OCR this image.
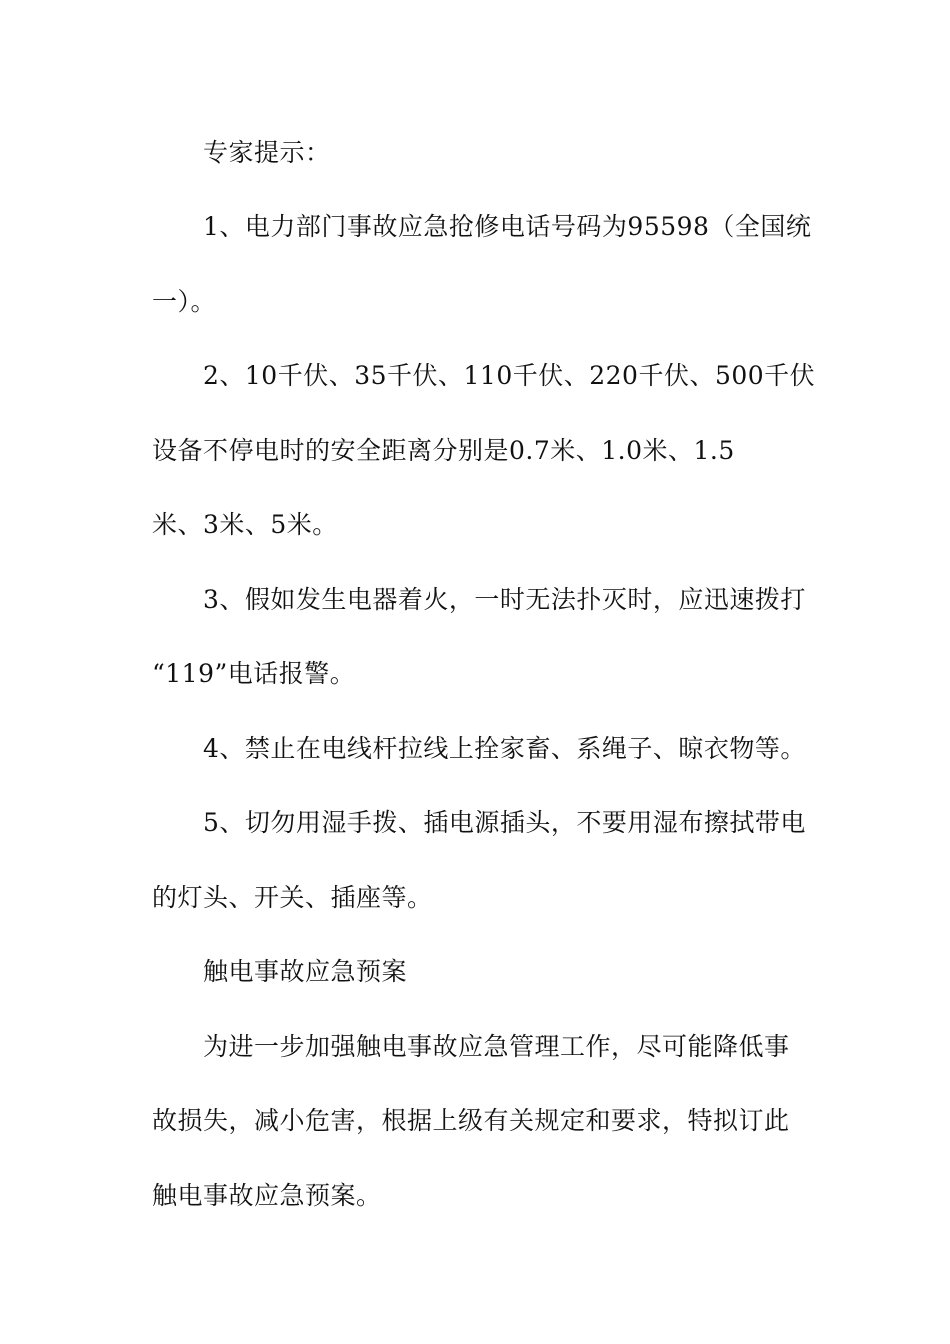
专家提示：
1、电力部门事故应急抢修电话号码为95598（全国统
一）。
2、10千伏、35千伏、110千伏、220千伏、500千伏
设备不停电时的安全距离分别是0.7米、1.0米、1.5
米、3米、5米。
3、假如发生电器着火，一时无法扑灭时，应迅速拨打
“119”电话报警。
4、禁止在电线杆拉线上拴家畜、系绳子、晾衣物等。
5、切勿用湿手拨、插电源插头，不要用湿布擦拭带电
的灯头、开关、插座等。
触电事故应急预案
为进一步加强触电事故应急管理工作，尽可能降低事
故损失，减小危害，根据上级有关规定和要求，特拟订此
触电事故应急预案。
